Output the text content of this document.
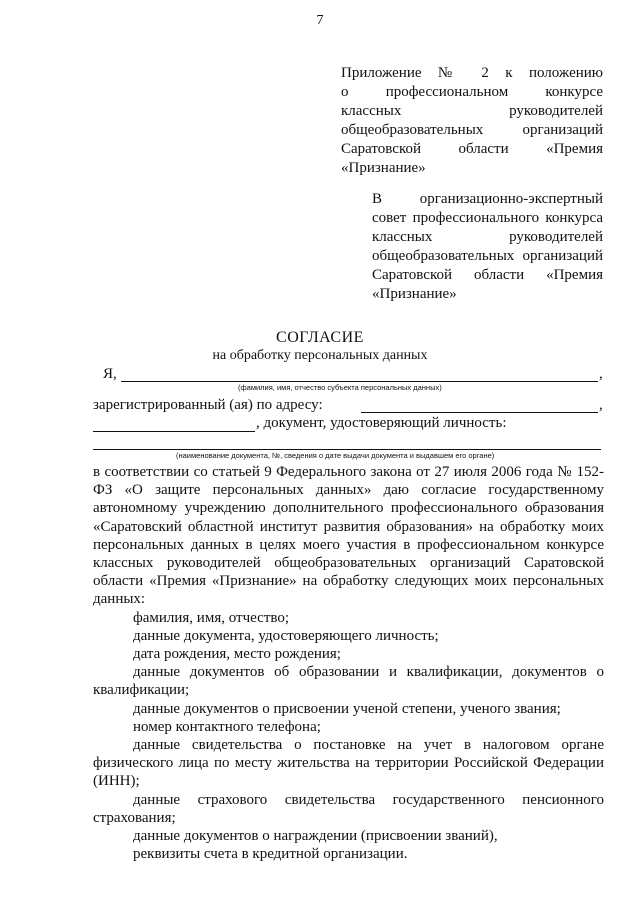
7
Приложение № 2 к положению
о профессиональном конкурсе
классных руководителей
общеобразовательных организаций
Саратовской области «Премия
«Признание»
В организационно-экспертный
совет профессионального конкурса
классных руководителей
общеобразовательных организаций
Саратовской области «Премия
«Признание»
СОГЛАСИЕ
на обработку персональных данных
Я,	,
(фамилия, имя, отчество субъекта персональных данных)
зарегистрированный (ая) по адресу:	,
, документ, удостоверяющий личность:
(наименование документа, №, сведения о дате выдачи документа и выдавшем его органе)
в соответствии со статьей 9 Федерального закона от 27 июля 2006 года № 152-ФЗ «О защите персональных данных» даю согласие государственному автономному учреждению дополнительного профессионального образования «Саратовский областной институт развития образования» на обработку моих персональных данных в целях моего участия в профессиональном конкурсе классных руководителей общеобразовательных организаций Саратовской области «Премия «Признание» на обработку следующих моих персональных данных:
фамилия, имя, отчество;
данные документа, удостоверяющего личность;
дата рождения, место рождения;
данные документов об образовании и квалификации, документов о квалификации;
данные документов о присвоении ученой степени, ученого звания;
номер контактного телефона;
данные свидетельства о постановке на учет в налоговом органе физического лица по месту жительства на территории Российской Федерации (ИНН);
данные страхового свидетельства государственного пенсионного страхования;
данные документов о награждении (присвоении званий),
реквизиты счета в кредитной организации.
